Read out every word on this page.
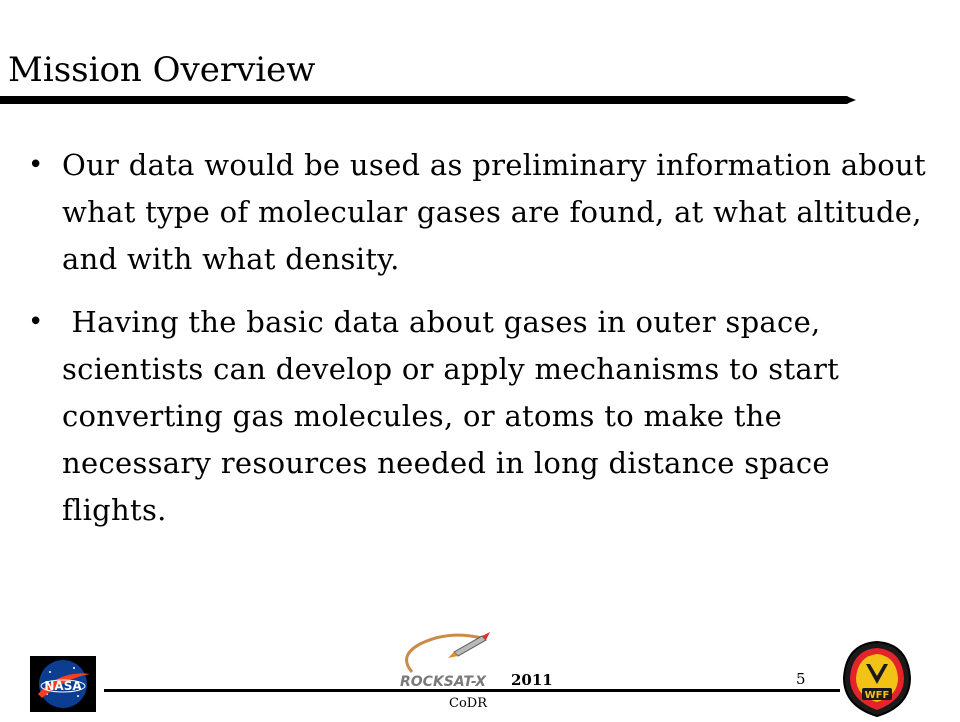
Mission Overview
• Our data would be used as preliminary information about what type of molecular gases are found, at what altitude, and with what density.
• Having the basic data about gases in outer space, scientists can develop or apply mechanisms to start converting gas molecules, or atoms to make the necessary resources needed in long distance space flights.
NASA	ROCKSAT-X 2011	5
CoDR
WFF
